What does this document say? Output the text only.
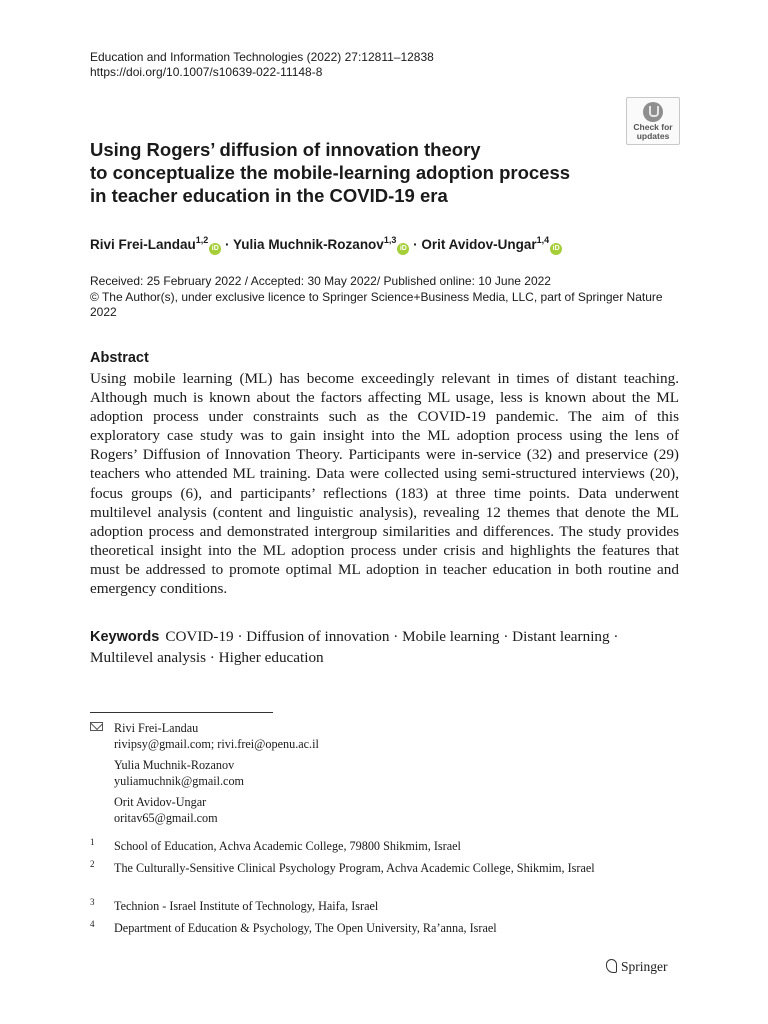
Education and Information Technologies (2022) 27:12811–12838
https://doi.org/10.1007/s10639-022-11148-8
Check for
updates
Using Rogers’ diffusion of innovation theory
to conceptualize the mobile-learning adoption process
in teacher education in the COVID-19 era
Rivi Frei-Landau$^{1,2}$iD · Yulia Muchnik-Rozanov$^{1,3}$iD · Orit Avidov-Ungar$^{1,4}$iD
Received: 25 February 2022 / Accepted: 30 May 2022/ Published online: 10 June 2022
© The Author(s), under exclusive licence to Springer Science+Business Media, LLC, part of Springer Nature
2022
Abstract
Using mobile learning (ML) has become exceedingly relevant in times of distant teaching. Although much is known about the factors affecting ML usage, less is known about the ML adoption process under constraints such as the COVID-19 pandemic. The aim of this exploratory case study was to gain insight into the ML adoption process using the lens of Rogers’ Diffusion of Innovation Theory. Participants were in-service (32) and preservice (29) teachers who attended ML training. Data were collected using semi-structured interviews (20), focus groups (6), and participants’ reflections (183) at three time points. Data underwent multilevel analysis (content and linguistic analysis), revealing 12 themes that denote the ML adoption process and demonstrated intergroup similarities and differences. The study provides theoretical insight into the ML adoption process under crisis and highlights the features that must be addressed to promote optimal ML adoption in teacher education in both routine and emergency conditions.
Keywords COVID-19 · Diffusion of innovation · Mobile learning · Distant learning · Multilevel analysis · Higher education
Rivi Frei-Landau
rivipsy@gmail.com; rivi.frei@openu.ac.il
Yulia Muchnik-Rozanov
yuliamuchnik@gmail.com
Orit Avidov-Ungar
oritav65@gmail.com
1 School of Education, Achva Academic College, 79800 Shikmim, Israel
2 The Culturally-Sensitive Clinical Psychology Program, Achva Academic College, Shikmim, Israel
3 Technion - Israel Institute of Technology, Haifa, Israel
4 Department of Education & Psychology, The Open University, Ra’anna, Israel
Springer
